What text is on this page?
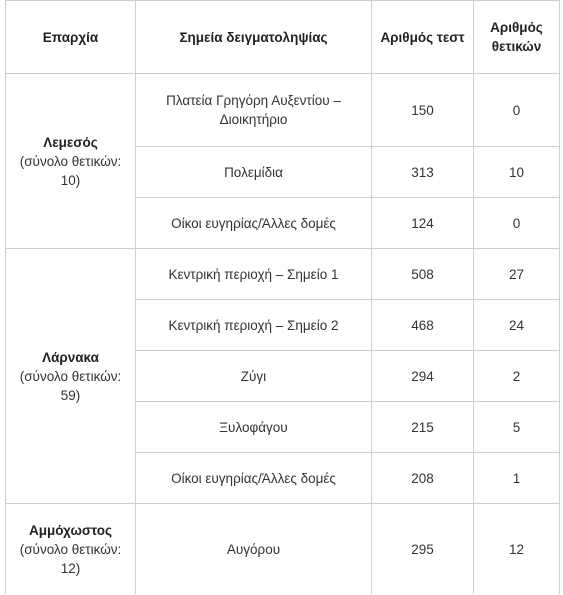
Επαρχία	Σημεία δειγματοληψίας	Αριθμός τεστ	Αριθμός θετικών

Λεμεσός
(σύνολο θετικών: 10)	Πλατεία Γρηγόρη Αυξεντίου – Διοικητήριο	150	0
	Πολεμίδια	313	10
	Οίκοι ευγηρίας/Άλλες δομές	124	0

Λάρνακα
(σύνολο θετικών: 59)	Κεντρική περιοχή – Σημείο 1	508	27
	Κεντρική περιοχή – Σημείο 2	468	24
	Ζύγι	294	2
	Ξυλοφάγου	215	5
	Οίκοι ευγηρίας/Άλλες δομές	208	1

Αμμόχωστος
(σύνολο θετικών: 12)	Αυγόρου	295	12
